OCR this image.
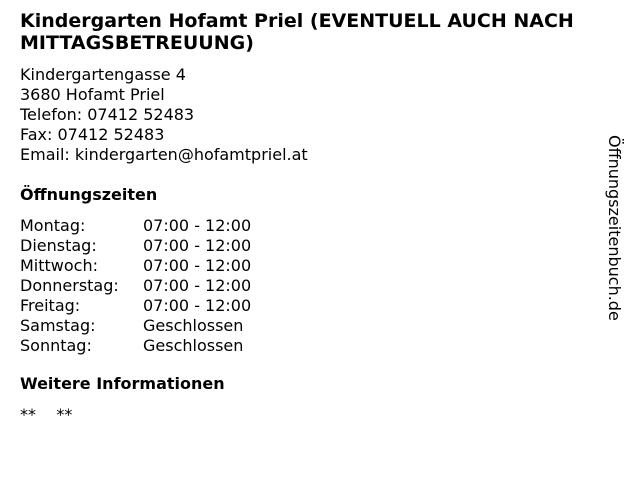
Kindergarten Hofamt Priel (EVENTUELL AUCH NACH MITTAGSBETREUUNG)
Kindergartengasse 4
3680 Hofamt Priel
Telefon: 07412 52483
Fax: 07412 52483
Email: kindergarten@hofamtpriel.at
Öffnungszeiten
Montag:	07:00 - 12:00
Dienstag:	07:00 - 12:00
Mittwoch:	07:00 - 12:00
Donnerstag:	07:00 - 12:00
Freitag:	07:00 - 12:00
Samstag:	Geschlossen
Sonntag:	Geschlossen
Weitere Informationen
**    **
Öffnungszeitenbuch.de
